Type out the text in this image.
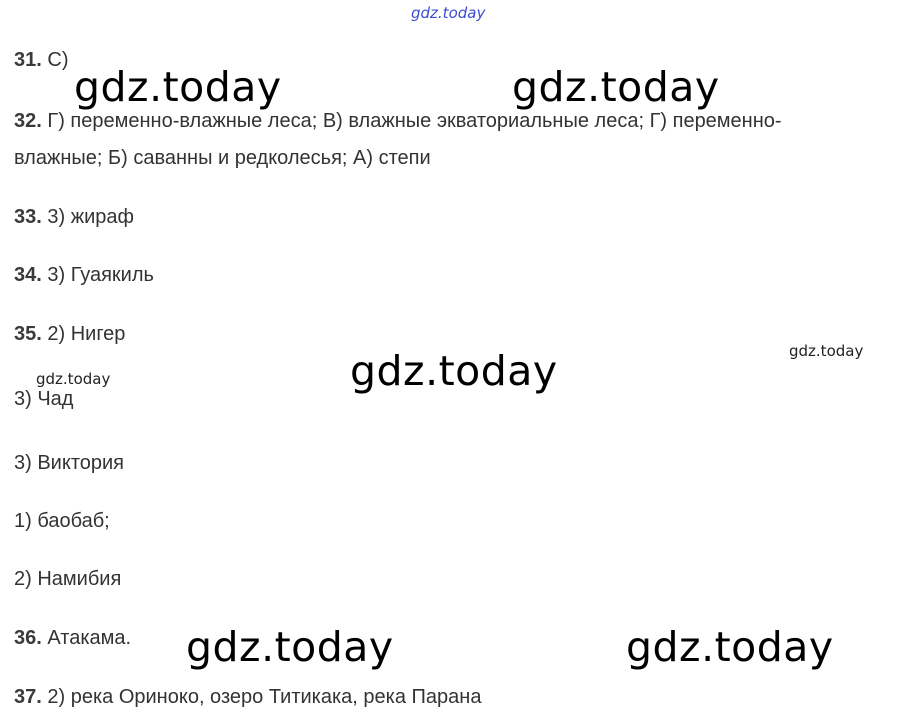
gdz.today
31. С)
32. Г) переменно-влажные леса; В) влажные экваториальные леса; Г) переменно-
влажные; Б) саванны и редколесья; А) степи
33. 3) жираф
34. 3) Гуаякиль
35. 2) Нигер
3) Чад
3) Виктория
1) баобаб;
2) Намибия
36. Атакама.
37. 2) река Ориноко, озеро Титикака, река Парана
gdz.today	gdz.today
gdz.today
gdz.today	gdz.today
gdz.today
gdz.today
